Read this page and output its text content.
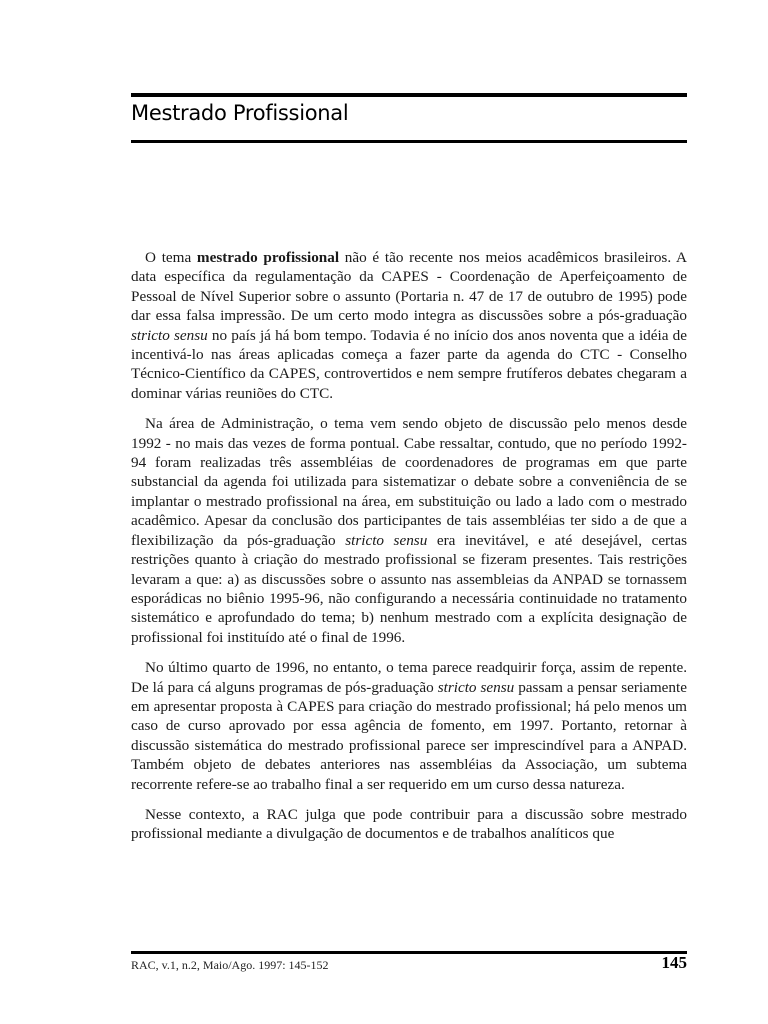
Mestrado Profissional

O tema mestrado profissional não é tão recente nos meios acadêmicos brasileiros. A data específica da regulamentação da CAPES - Coordenação de Aperfeiçoamento de Pessoal de Nível Superior sobre o assunto (Portaria n. 47 de 17 de outubro de 1995) pode dar essa falsa impressão. De um certo modo integra as discussões sobre a pós-graduação stricto sensu no país já há bom tempo. Todavia é no início dos anos noventa que a idéia de incentivá-lo nas áreas aplicadas começa a fazer parte da agenda do CTC - Conselho Técnico-Científico da CAPES, controvertidos e nem sempre frutíferos debates chegaram a dominar várias reuniões do CTC.

Na área de Administração, o tema vem sendo objeto de discussão pelo menos desde 1992 - no mais das vezes de forma pontual. Cabe ressaltar, contudo, que no período 1992-94 foram realizadas três assembléias de coordenadores de programas em que parte substancial da agenda foi utilizada para sistematizar o debate sobre a conveniência de se implantar o mestrado profissional na área, em substituição ou lado a lado com o mestrado acadêmico. Apesar da conclusão dos participantes de tais assembléias ter sido a de que a flexibilização da pós-graduação stricto sensu era inevitável, e até desejável, certas restrições quanto à criação do mestrado profissional se fizeram presentes. Tais restrições levaram a que: a) as discussões sobre o assunto nas assembleias da ANPAD se tornassem esporádicas no biênio 1995-96, não configurando a necessária continuidade no tratamento sistemático e aprofundado do tema; b) nenhum mestrado com a explícita designação de profissional foi instituído até o final de 1996.

No último quarto de 1996, no entanto, o tema parece readquirir força, assim de repente. De lá para cá alguns programas de pós-graduação stricto sensu passam a pensar seriamente em apresentar proposta à CAPES para criação do mestrado profissional; há pelo menos um caso de curso aprovado por essa agência de fomento, em 1997. Portanto, retornar à discussão sistemática do mestrado profissional parece ser imprescindível para a ANPAD. Também objeto de debates anteriores nas assembléias da Associação, um subtema recorrente refere-se ao trabalho final a ser requerido em um curso dessa natureza.

Nesse contexto, a RAC julga que pode contribuir para a discussão sobre mestrado profissional mediante a divulgação de documentos e de trabalhos analíticos que

RAC, v.1, n.2, Maio/Ago. 1997: 145-152	145
